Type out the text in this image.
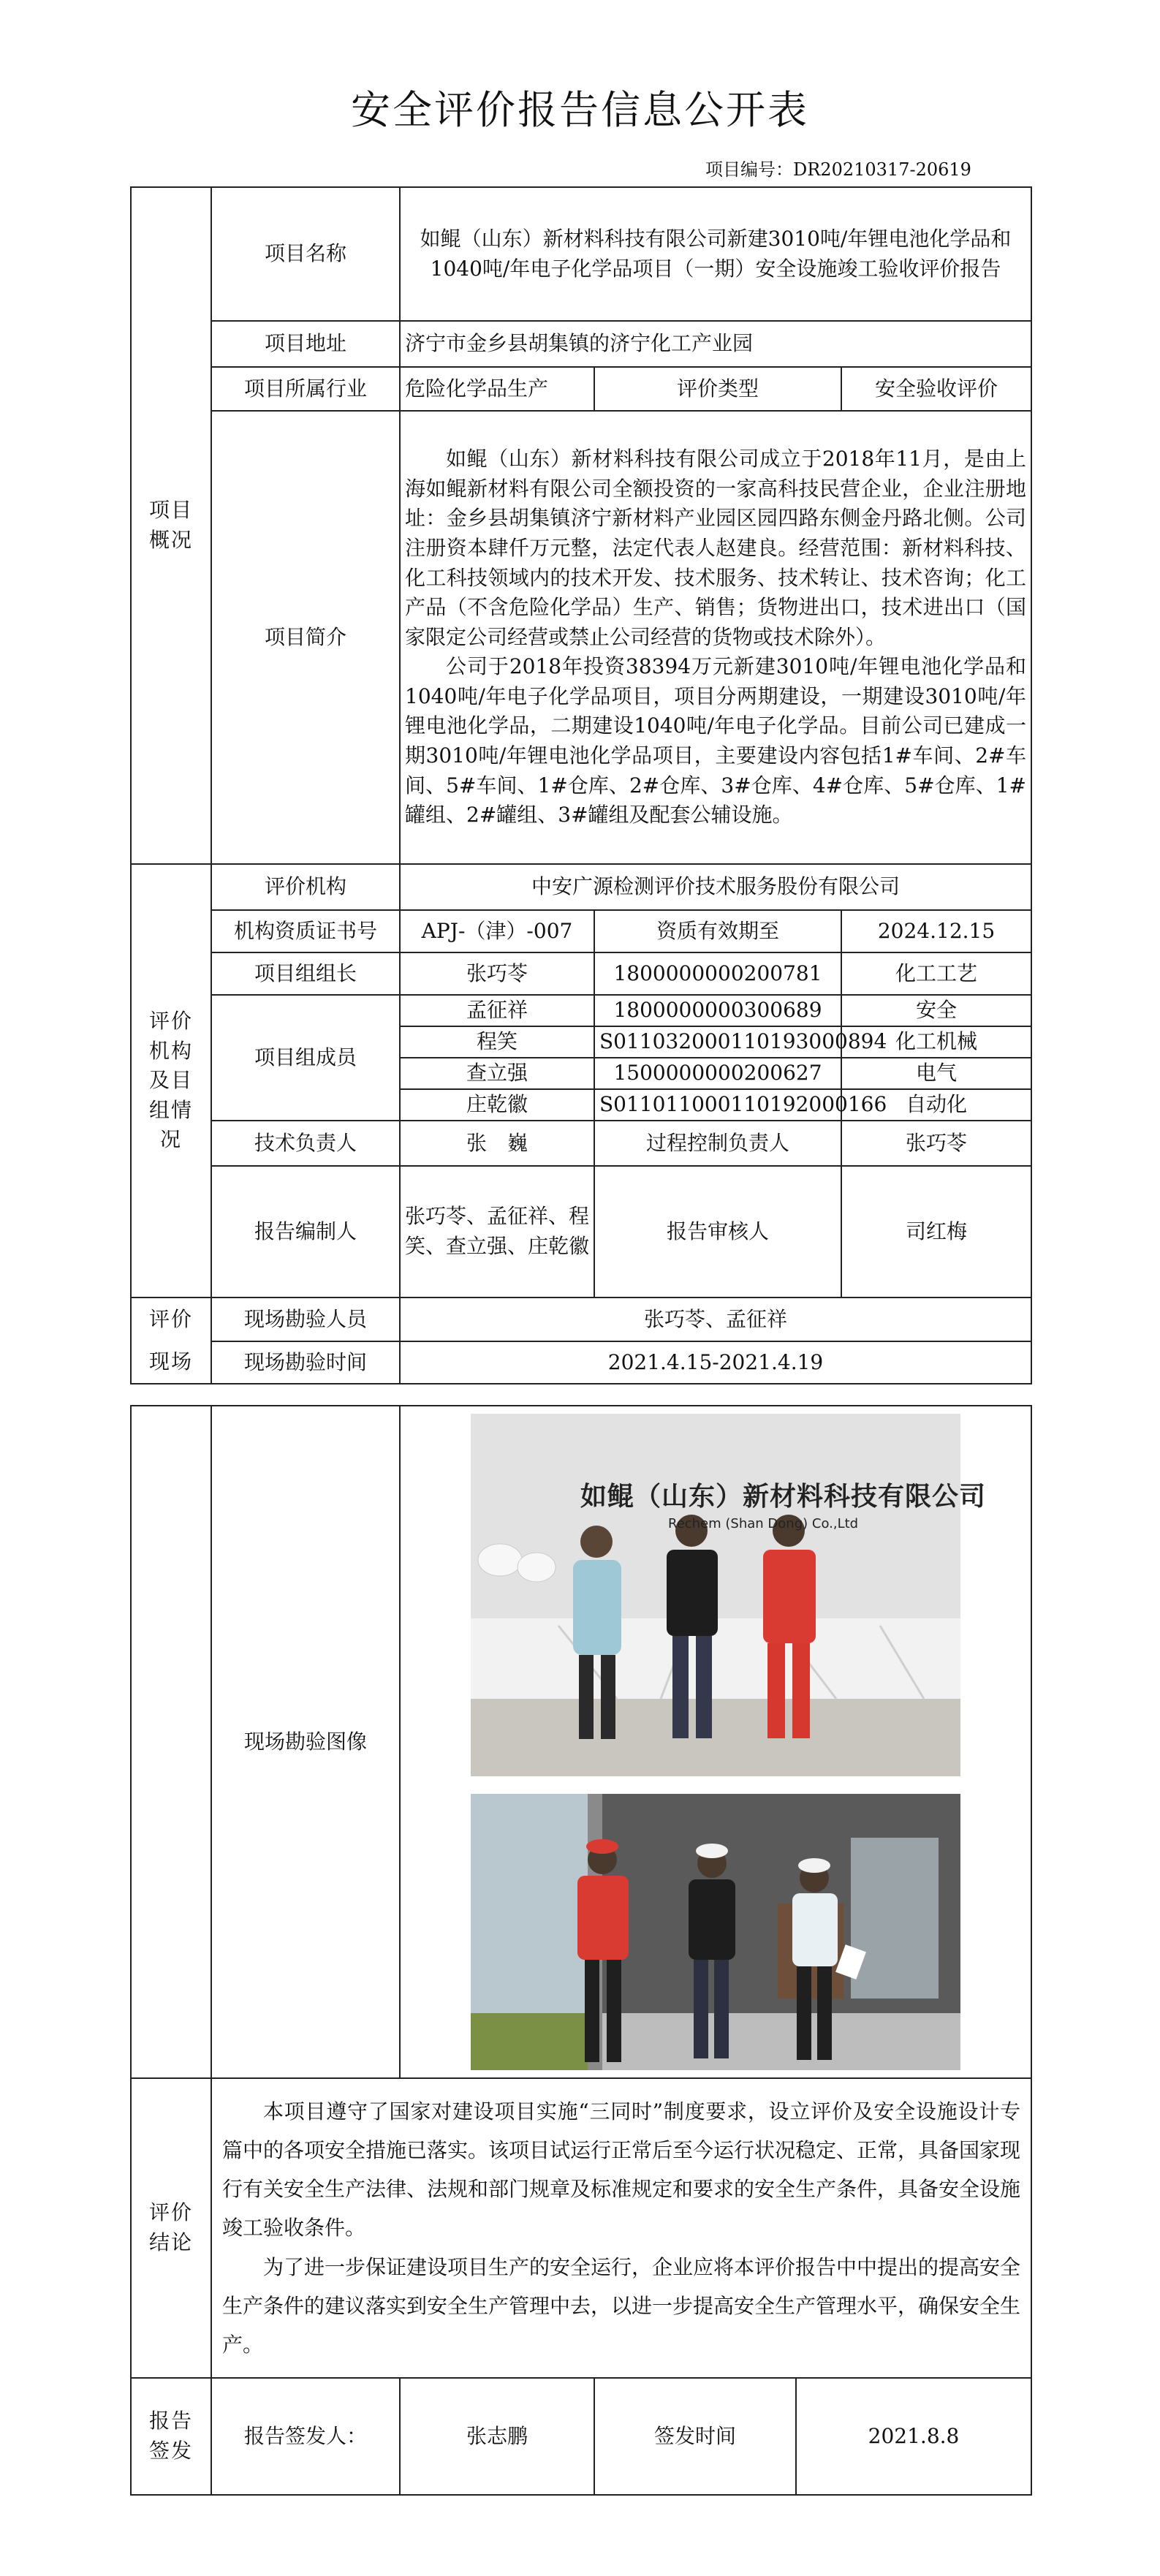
安全评价报告信息公开表
项目编号：DR20210317-20619
项目概况	项目名称	如鲲（山东）新材料科技有限公司新建3010吨/年锂电池化学品和1040吨/年电子化学品项目（一期）安全设施竣工验收评价报告		
	项目地址	济宁市金乡县胡集镇的济宁化工产业园		
	项目所属行业	危险化学品生产	评价类型	安全验收评价
	项目简介	如鲲（山东）新材料科技有限公司成立于2018年11月，是由上海如鲲新材料有限公司全额投资的一家高科技民营企业，企业注册地址：金乡县胡集镇济宁新材料产业园区园四路东侧金丹路北侧。公司注册资本肆仟万元整，法定代表人赵建良。经营范围：新材料科技、化工科技领域内的技术开发、技术服务、技术转让、技术咨询；化工产品（不含危险化学品）生产、销售；货物进出口，技术进出口（国家限定公司经营或禁止公司经营的货物或技术除外）。
公司于2018年投资38394万元新建3010吨/年锂电池化学品和1040吨/年电子化学品项目，项目分两期建设，一期建设3010吨/年锂电池化学品，二期建设1040吨/年电子化学品。目前公司已建成一期3010吨/年锂电池化学品项目，主要建设内容包括1#车间、2#车间、5#车间、1#仓库、2#仓库、3#仓库、4#仓库、5#仓库、1#罐组、2#罐组、3#罐组及配套公辅设施。		

评价机构及目组情况	评价机构	中安广源检测评价技术服务股份有限公司		
	机构资质证书号	APJ-（津）-007	资质有效期至	2024.12.15
	项目组组长	张巧苓	1800000000200781	化工工艺
	项目组成员	孟征祥	1800000000300689	安全
		程笑	S011032000110193000894	化工机械
		查立强	1500000000200627	电气
		庄乾徽	S011011000110192000166	自动化
	技术负责人	张　巍	过程控制负责人	张巧苓
	报告编制人	张巧苓、孟征祥、程笑、查立强、庄乾徽	报告审核人	司红梅

评价现场	现场勘验人员	张巧苓、孟征祥		
	现场勘验时间	2021.4.15-2021.4.19		
	现场勘验图像	如鲲（山东）新材料科技有限公司
Rechem (Shan Dong) Co.,Ltd		

评价结论	本项目遵守了国家对建设项目实施“三同时”制度要求，设立评价及安全设施设计专篇中的各项安全措施已落实。该项目试运行正常后至今运行状况稳定、正常，具备国家现行有关安全生产法律、法规和部门规章及标准规定和要求的安全生产条件，具备安全设施竣工验收条件。
为了进一步保证建设项目生产的安全运行，企业应将本评价报告中中提出的提高安全生产条件的建议落实到安全生产管理中去，以进一步提高安全生产管理水平，确保安全生产。			

报告签发	报告签发人：	张志鹏	签发时间	2021.8.8
